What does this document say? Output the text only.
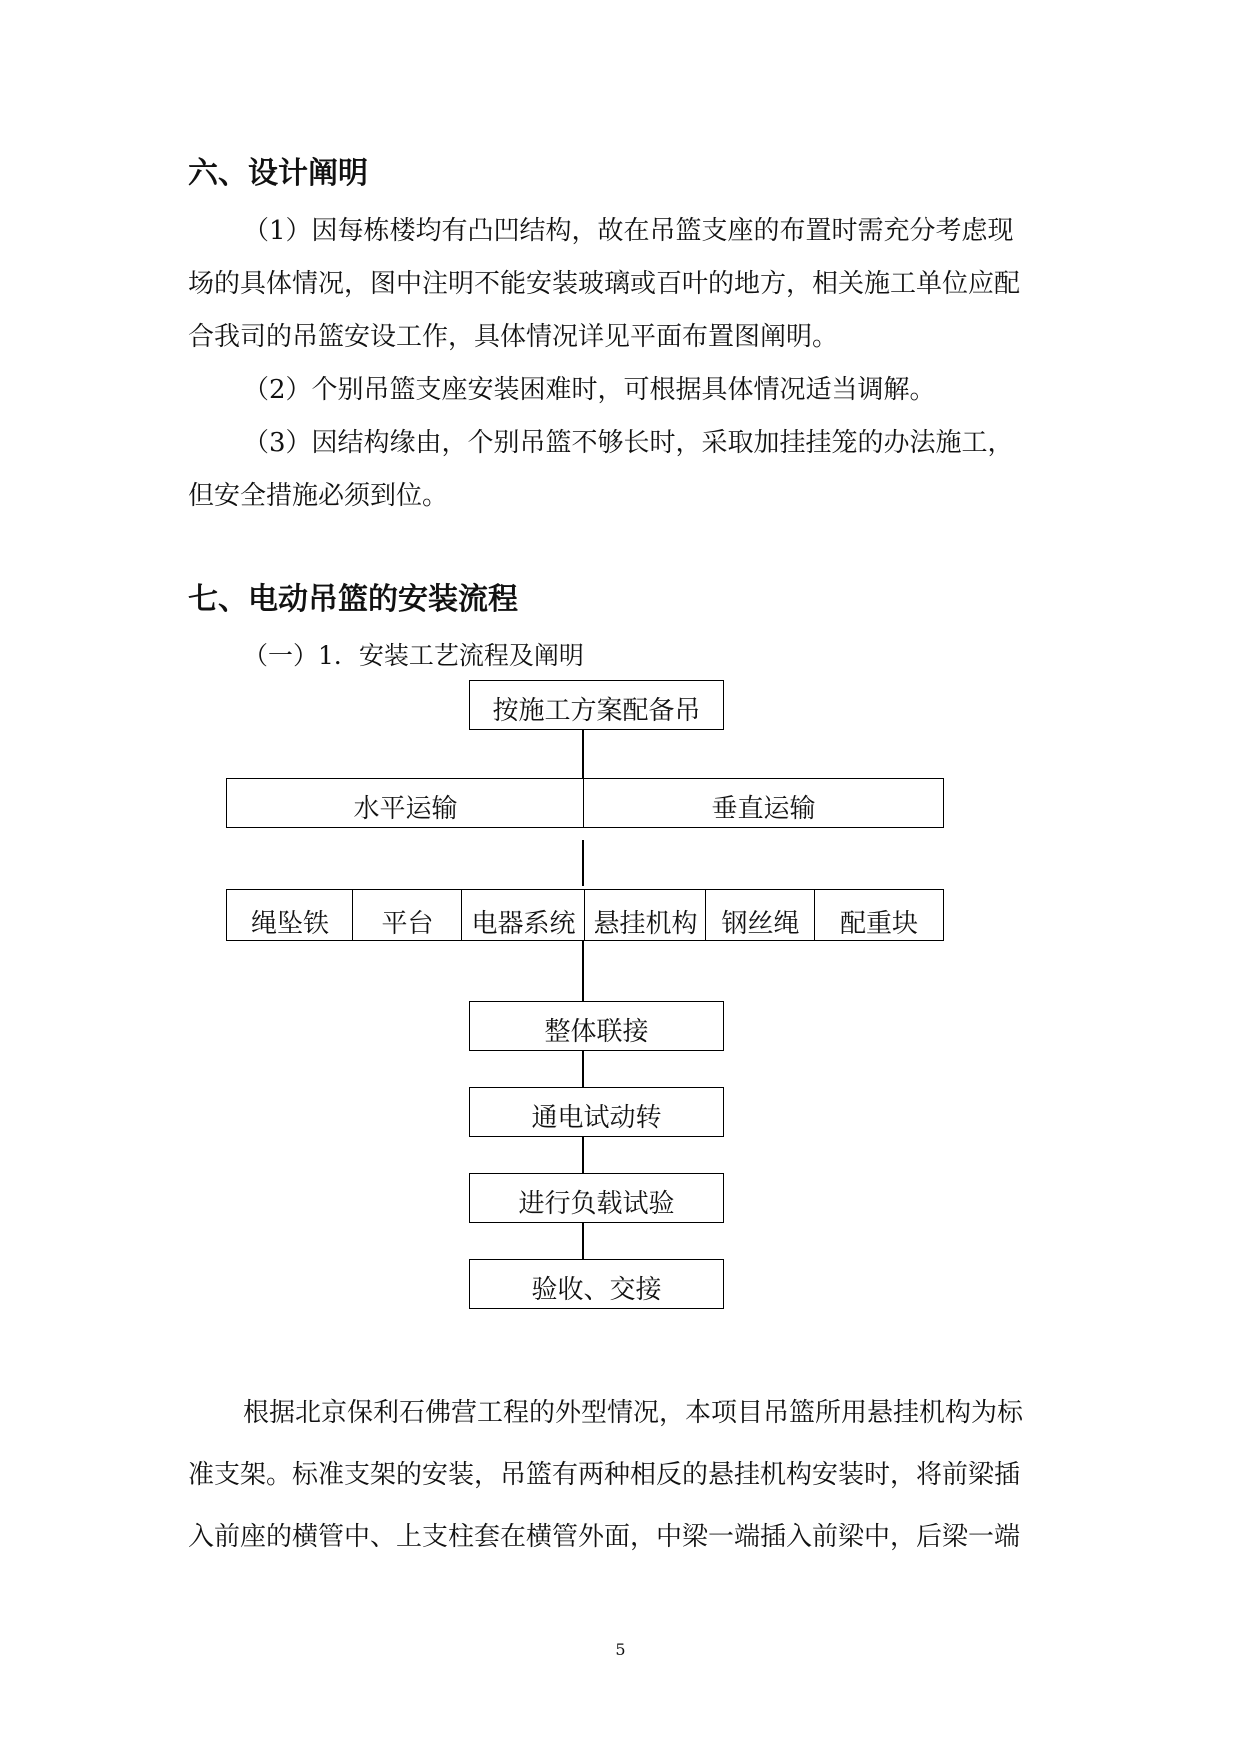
六、设计阐明
（1）因每栋楼均有凸凹结构，故在吊篮支座的布置时需充分考虑现
场的具体情况，图中注明不能安装玻璃或百叶的地方，相关施工单位应配
合我司的吊篮安设工作，具体情况详见平面布置图阐明。
（2）个别吊篮支座安装困难时，可根据具体情况适当调解。
（3）因结构缘由，个别吊篮不够长时，采取加挂挂笼的办法施工，
但安全措施必须到位。
七、电动吊篮的安装流程
（一）1．安装工艺流程及阐明
按施工方案配备吊
水平运输	垂直运输
绳坠铁 平台 电器系统 悬挂机构 钢丝绳 配重块
整体联接
通电试动转
进行负载试验
验收、交接
根据北京保利石佛营工程的外型情况，本项目吊篮所用悬挂机构为标
准支架。标准支架的安装，吊篮有两种相反的悬挂机构安装时，将前梁插
入前座的横管中、上支柱套在横管外面，中梁一端插入前梁中，后梁一端
5
